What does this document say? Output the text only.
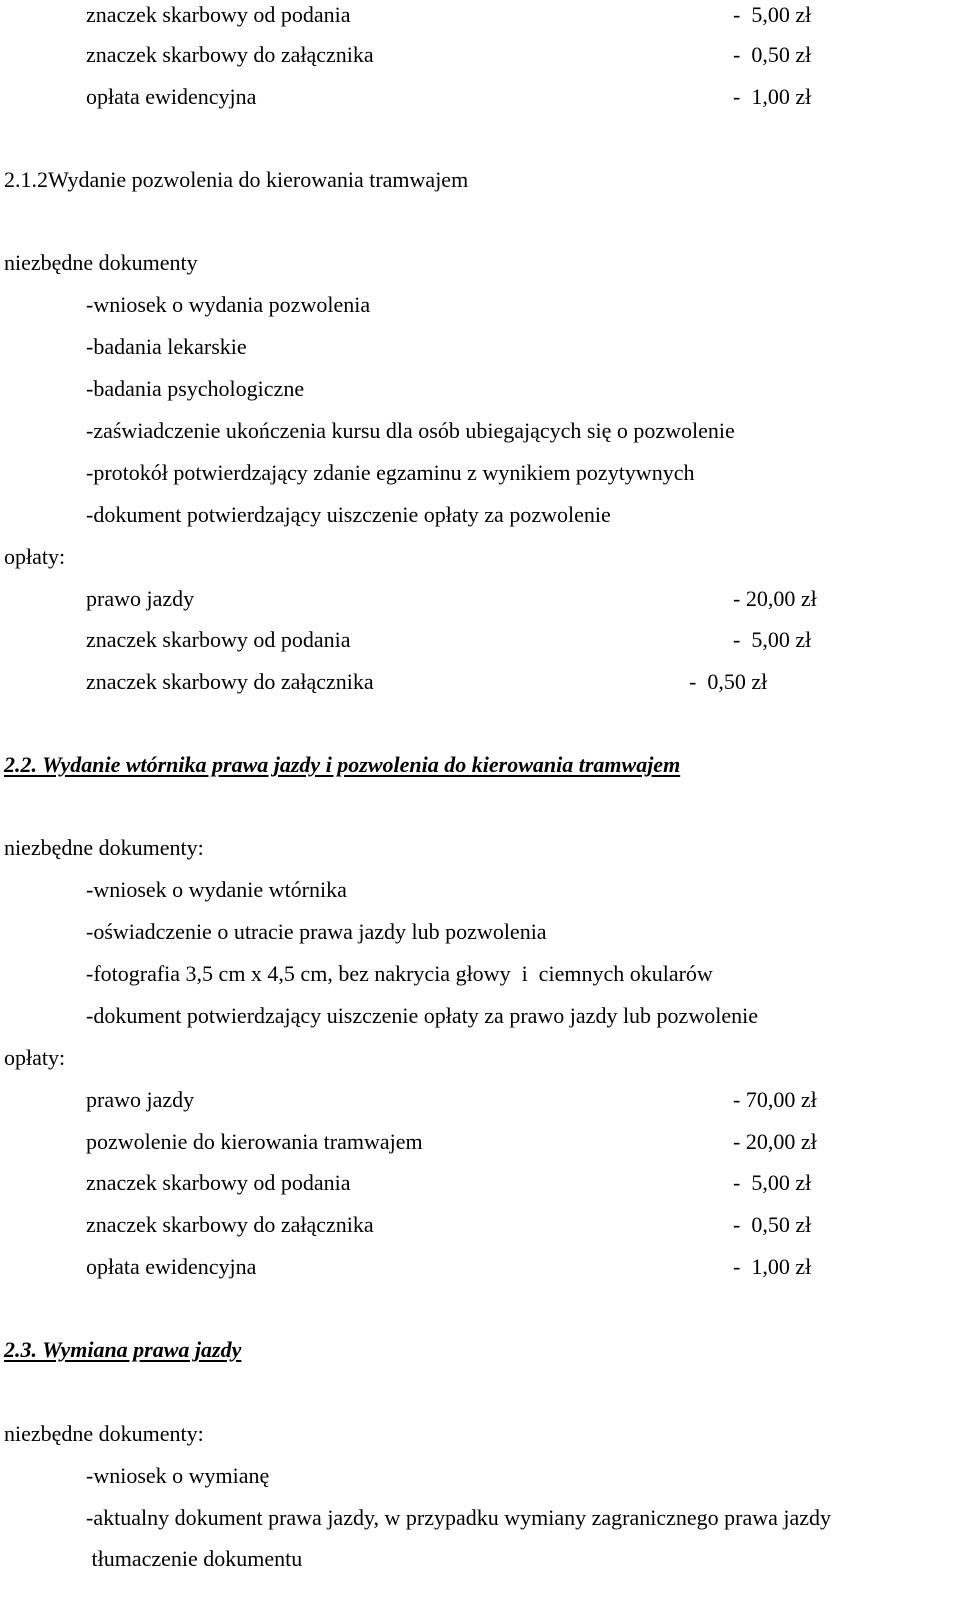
znaczek skarbowy od podania	-  5,00 zł
znaczek skarbowy do załącznika	-  0,50 zł
opłata ewidencyjna	-  1,00 zł
2.1.2Wydanie pozwolenia do kierowania tramwajem
niezbędne dokumenty
-wniosek o wydania pozwolenia
-badania lekarskie
-badania psychologiczne
-zaświadczenie ukończenia kursu dla osób ubiegających się o pozwolenie
-protokół potwierdzający zdanie egzaminu z wynikiem pozytywnych
-dokument potwierdzający uiszczenie opłaty za pozwolenie
opłaty:
prawo jazdy	- 20,00 zł
znaczek skarbowy od podania	-  5,00 zł
znaczek skarbowy do załącznika	-  0,50 zł
2.2. Wydanie wtórnika prawa jazdy i pozwolenia do kierowania tramwajem
niezbędne dokumenty:
-wniosek o wydanie wtórnika
-oświadczenie o utracie prawa jazdy lub pozwolenia
-fotografia 3,5 cm x 4,5 cm, bez nakrycia głowy  i  ciemnych okularów
-dokument potwierdzający uiszczenie opłaty za prawo jazdy lub pozwolenie
opłaty:
prawo jazdy	- 70,00 zł
pozwolenie do kierowania tramwajem	- 20,00 zł
znaczek skarbowy od podania	-  5,00 zł
znaczek skarbowy do załącznika	-  0,50 zł
opłata ewidencyjna	-  1,00 zł
2.3. Wymiana prawa jazdy
niezbędne dokumenty:
-wniosek o wymianę
-aktualny dokument prawa jazdy, w przypadku wymiany zagranicznego prawa jazdy
tłumaczenie dokumentu
